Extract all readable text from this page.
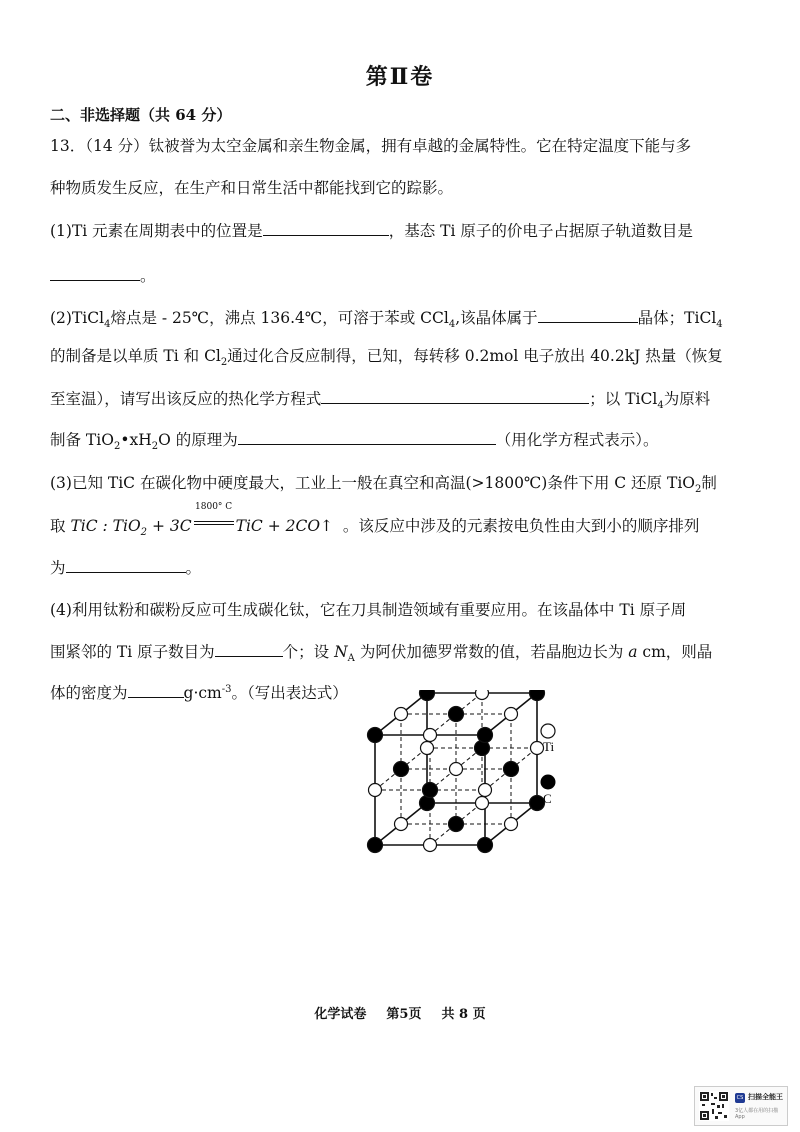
第Ⅱ卷
二、非选择题（共 64 分）
13．（14 分）钛被誉为太空金属和亲生物金属，拥有卓越的金属特性。它在特定温度下能与多
种物质发生反应，在生产和日常生活中都能找到它的踪影。
(1)Ti 元素在周期表中的位置是	，基态 Ti 原子的价电子占据原子轨道数目是
。
(2)TiCl$_4$熔点是 - 25℃，沸点 136.4℃，可溶于苯或 CCl$_4$,该晶体属于	晶体；TiCl$_4$
的制备是以单质 Ti 和 $Cl_2$通过化合反应制得，已知，每转移 0.2mol 电子放出 40.2kJ 热量（恢复
至室温），请写出该反应的热化学方程式	；以 TiCl$_4$为原料
制备 $TiO_2•xH_2O$ 的原理为	（用化学方程式表示）。
(3)已知 TiC 在碳化物中硬度最大，工业上一般在真空和高温(>1800℃)条件下用 C 还原 TiO$_2$制
取 TiC : TiO$_2$ + 3C
1800° C
TiC + 2CO↑ 。该反应中涉及的元素按电负性由大到小的顺序排列
为	。
(4)利用钛粉和碳粉反应可生成碳化钛，它在刀具制造领域有重要应用。在该晶体中 Ti 原子周
围紧邻的 Ti 原子数目为	个；设 $N_A$ 为阿伏加德罗常数的值，若晶胞边长为 a cm，则晶
体的密度为	$g\cdot cm^{-3}$。（写出表达式）
Ti
C
化学试卷 第5页 共 8 页
CS 扫描全能王
3亿人都在用的扫描App
